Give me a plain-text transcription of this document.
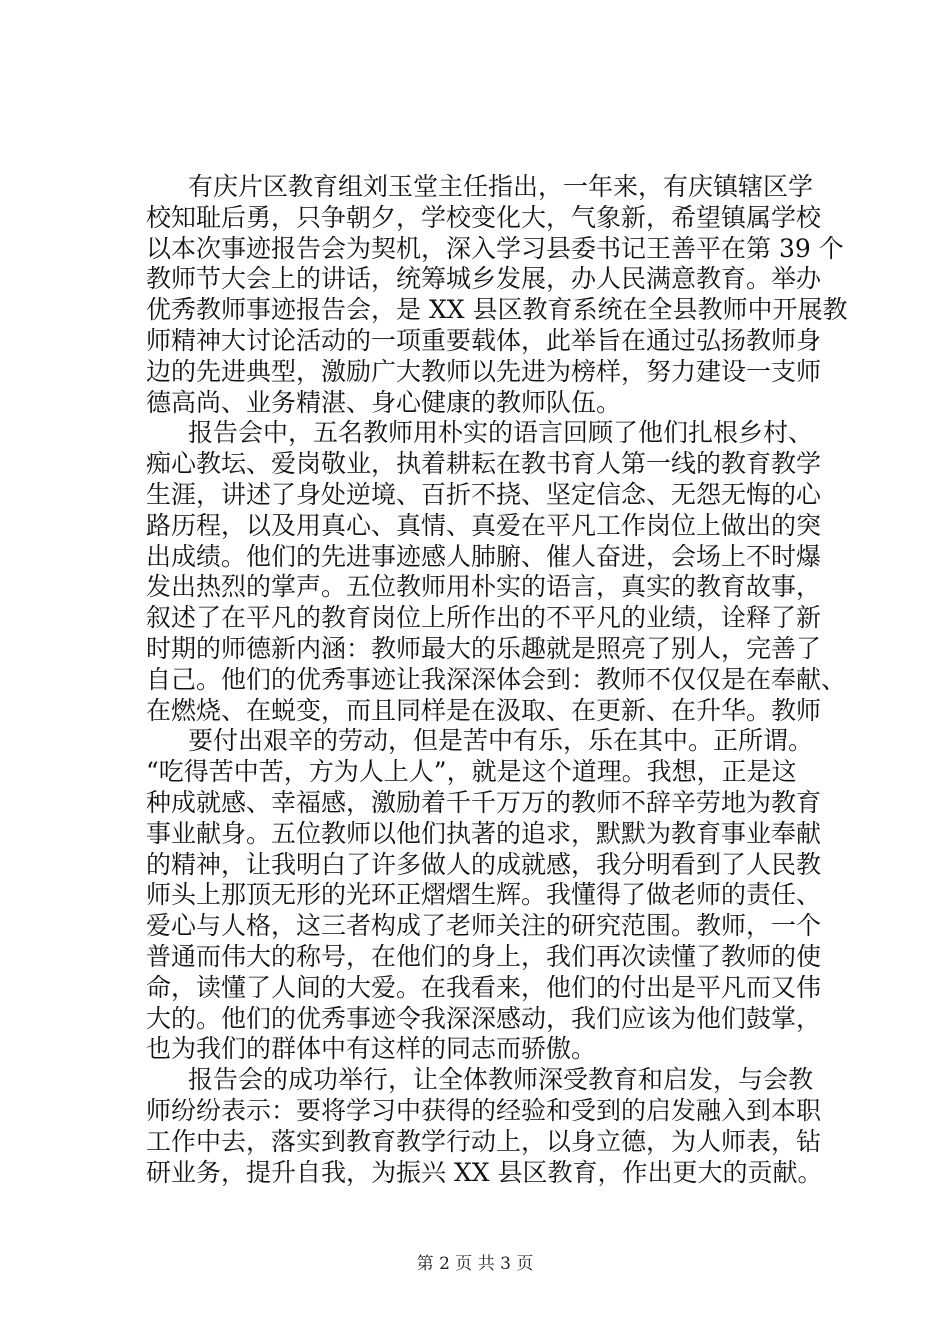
有庆片区教育组刘玉堂主任指出，一年来，有庆镇辖区学
校知耻后勇，只争朝夕，学校变化大，气象新，希望镇属学校
以本次事迹报告会为契机，深入学习县委书记王善平在第 39 个
教师节大会上的讲话，统筹城乡发展，办人民满意教育。举办
优秀教师事迹报告会，是 XX 县区教育系统在全县教师中开展教
师精神大讨论活动的一项重要载体，此举旨在通过弘扬教师身
边的先进典型，激励广大教师以先进为榜样，努力建设一支师
德高尚、业务精湛、身心健康的教师队伍。
报告会中，五名教师用朴实的语言回顾了他们扎根乡村、
痴心教坛、爱岗敬业，执着耕耘在教书育人第一线的教育教学
生涯，讲述了身处逆境、百折不挠、坚定信念、无怨无悔的心
路历程，以及用真心、真情、真爱在平凡工作岗位上做出的突
出成绩。他们的先进事迹感人肺腑、催人奋进，会场上不时爆
发出热烈的掌声。五位教师用朴实的语言，真实的教育故事，
叙述了在平凡的教育岗位上所作出的不平凡的业绩，诠释了新
时期的师德新内涵：教师最大的乐趣就是照亮了别人，完善了
自己。他们的优秀事迹让我深深体会到：教师不仅仅是在奉献、
在燃烧、在蜕变，而且同样是在汲取、在更新、在升华。教师
要付出艰辛的劳动，但是苦中有乐，乐在其中。正所谓。
“吃得苦中苦，方为人上人”，就是这个道理。我想，正是这
种成就感、幸福感，激励着千千万万的教师不辞辛劳地为教育
事业献身。五位教师以他们执著的追求，默默为教育事业奉献
的精神，让我明白了许多做人的成就感，我分明看到了人民教
师头上那顶无形的光环正熠熠生辉。我懂得了做老师的责任、
爱心与人格，这三者构成了老师关注的研究范围。教师，一个
普通而伟大的称号，在他们的身上，我们再次读懂了教师的使
命，读懂了人间的大爱。在我看来，他们的付出是平凡而又伟
大的。他们的优秀事迹令我深深感动，我们应该为他们鼓掌，
也为我们的群体中有这样的同志而骄傲。
报告会的成功举行，让全体教师深受教育和启发，与会教
师纷纷表示：要将学习中获得的经验和受到的启发融入到本职
工作中去，落实到教育教学行动上，以身立德，为人师表，钻
研业务，提升自我，为振兴 XX 县区教育，作出更大的贡献。
第 2 页 共 3 页
